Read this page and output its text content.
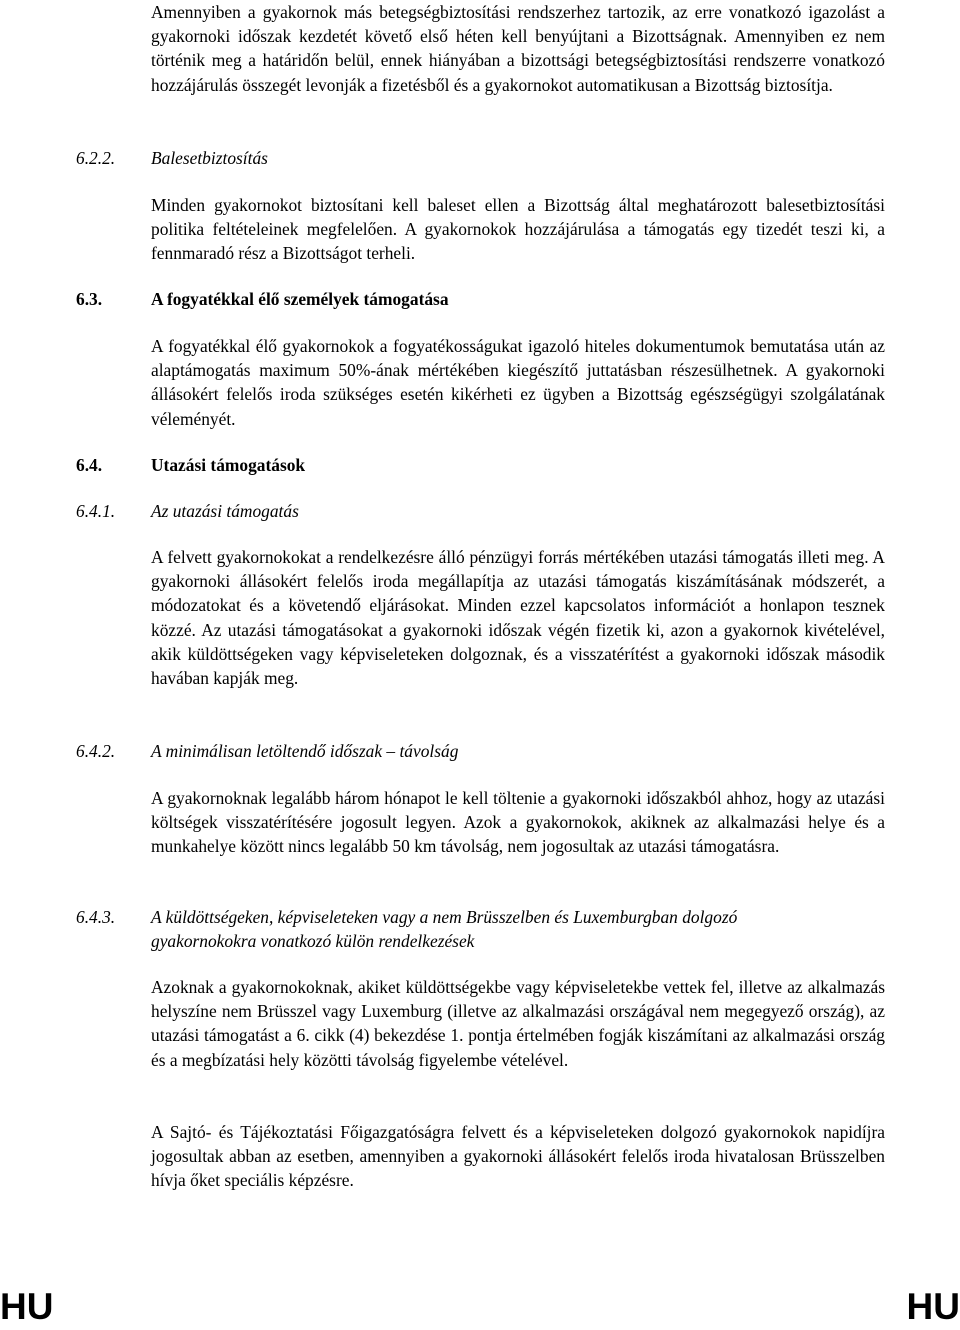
Amennyiben a gyakornok más betegségbiztosítási rendszerhez tartozik, az erre vonatkozó igazolást a gyakornoki időszak kezdetét követő első héten kell benyújtani a Bizottságnak. Amennyiben ez nem történik meg a határidőn belül, ennek hiányában a bizottsági betegségbiztosítási rendszerre vonatkozó hozzájárulás összegét levonják a fizetésből és a gyakornokot automatikusan a Bizottság biztosítja.

6.2.2. Balesetbiztosítás

Minden gyakornokot biztosítani kell baleset ellen a Bizottság által meghatározott balesetbiztosítási politika feltételeinek megfelelően. A gyakornokok hozzájárulása a támogatás egy tizedét teszi ki, a fennmaradó rész a Bizottságot terheli.

6.3.	A fogyatékkal élő személyek támogatása

A fogyatékkal élő gyakornokok a fogyatékosságukat igazoló hiteles dokumentumok bemutatása után az alaptámogatás maximum 50%-ának mértékében kiegészítő juttatásban részesülhetnek. A gyakornoki állásokért felelős iroda szükséges esetén kikérheti ez ügyben a Bizottság egészségügyi szolgálatának véleményét.

6.4.	Utazási támogatások

6.4.1. Az utazási támogatás

A felvett gyakornokokat a rendelkezésre álló pénzügyi forrás mértékében utazási támogatás illeti meg. A gyakornoki állásokért felelős iroda megállapítja az utazási támogatás kiszámításának módszerét, a módozatokat és a követendő eljárásokat. Minden ezzel kapcsolatos információt a honlapon tesznek közzé. Az utazási támogatásokat a gyakornoki időszak végén fizetik ki, azon a gyakornok kivételével, akik küldöttségeken vagy képviseleteken dolgoznak, és a visszatérítést a gyakornoki időszak második havában kapják meg.

6.4.2. A minimálisan letöltendő időszak – távolság

A gyakornoknak legalább három hónapot le kell töltenie a gyakornoki időszakból ahhoz, hogy az utazási költségek visszatérítésére jogosult legyen. Azok a gyakornokok, akiknek az alkalmazási helye és a munkahelye között nincs legalább 50 km távolság, nem jogosultak az utazási támogatásra.

6.4.3. A küldöttségeken, képviseleteken vagy a nem Brüsszelben és Luxemburgban dolgozó
gyakornokokra vonatkozó külön rendelkezések

Azoknak a gyakornokoknak, akiket küldöttségekbe vagy képviseletekbe vettek fel, illetve az alkalmazás helyszíne nem Brüsszel vagy Luxemburg (illetve az alkalmazási országával nem megegyező ország), az utazási támogatást a 6. cikk (4) bekezdése 1. pontja értelmében fogják kiszámítani az alkalmazási ország és a megbízatási hely közötti távolság figyelembe vételével.

A Sajtó- és Tájékoztatási Főigazgatóságra felvett és a képviseleteken dolgozó gyakornokok napidíjra jogosultak abban az esetben, amennyiben a gyakornoki állásokért felelős iroda hivatalosan Brüsszelben hívja őket speciális képzésre.

HU	HU
